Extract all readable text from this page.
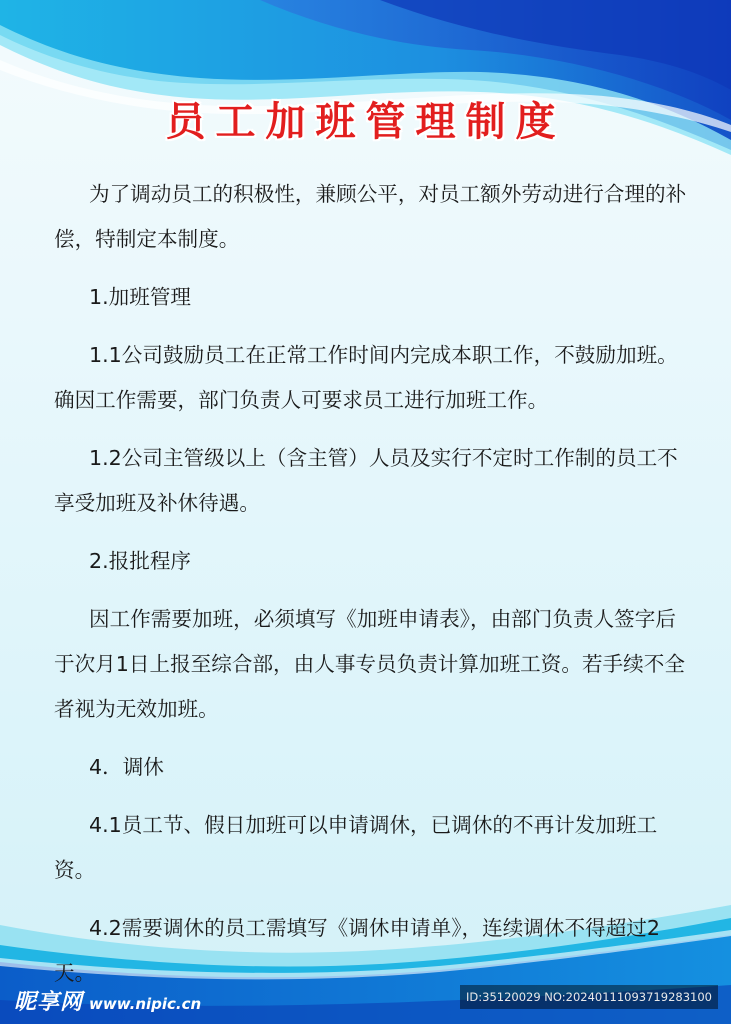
员工加班管理制度

为了调动员工的积极性，兼顾公平，对员工额外劳动进行合理的补偿，特制定本制度。

1.加班管理

1.1公司鼓励员工在正常工作时间内完成本职工作，不鼓励加班。确因工作需要，部门负责人可要求员工进行加班工作。

1.2公司主管级以上（含主管）人员及实行不定时工作制的员工不享受加班及补休待遇。

2.报批程序

因工作需要加班，必须填写《加班申请表》，由部门负责人签字后于次月1日上报至综合部，由人事专员负责计算加班工资。若手续不全者视为无效加班。

4．调休

4.1员工节、假日加班可以申请调休，已调休的不再计发加班工资。

4.2需要调休的员工需填写《调休申请单》，连续调休不得超过2天。

昵享网 www.nipic.cn	ID:35120029 NO:20240111093719283100
